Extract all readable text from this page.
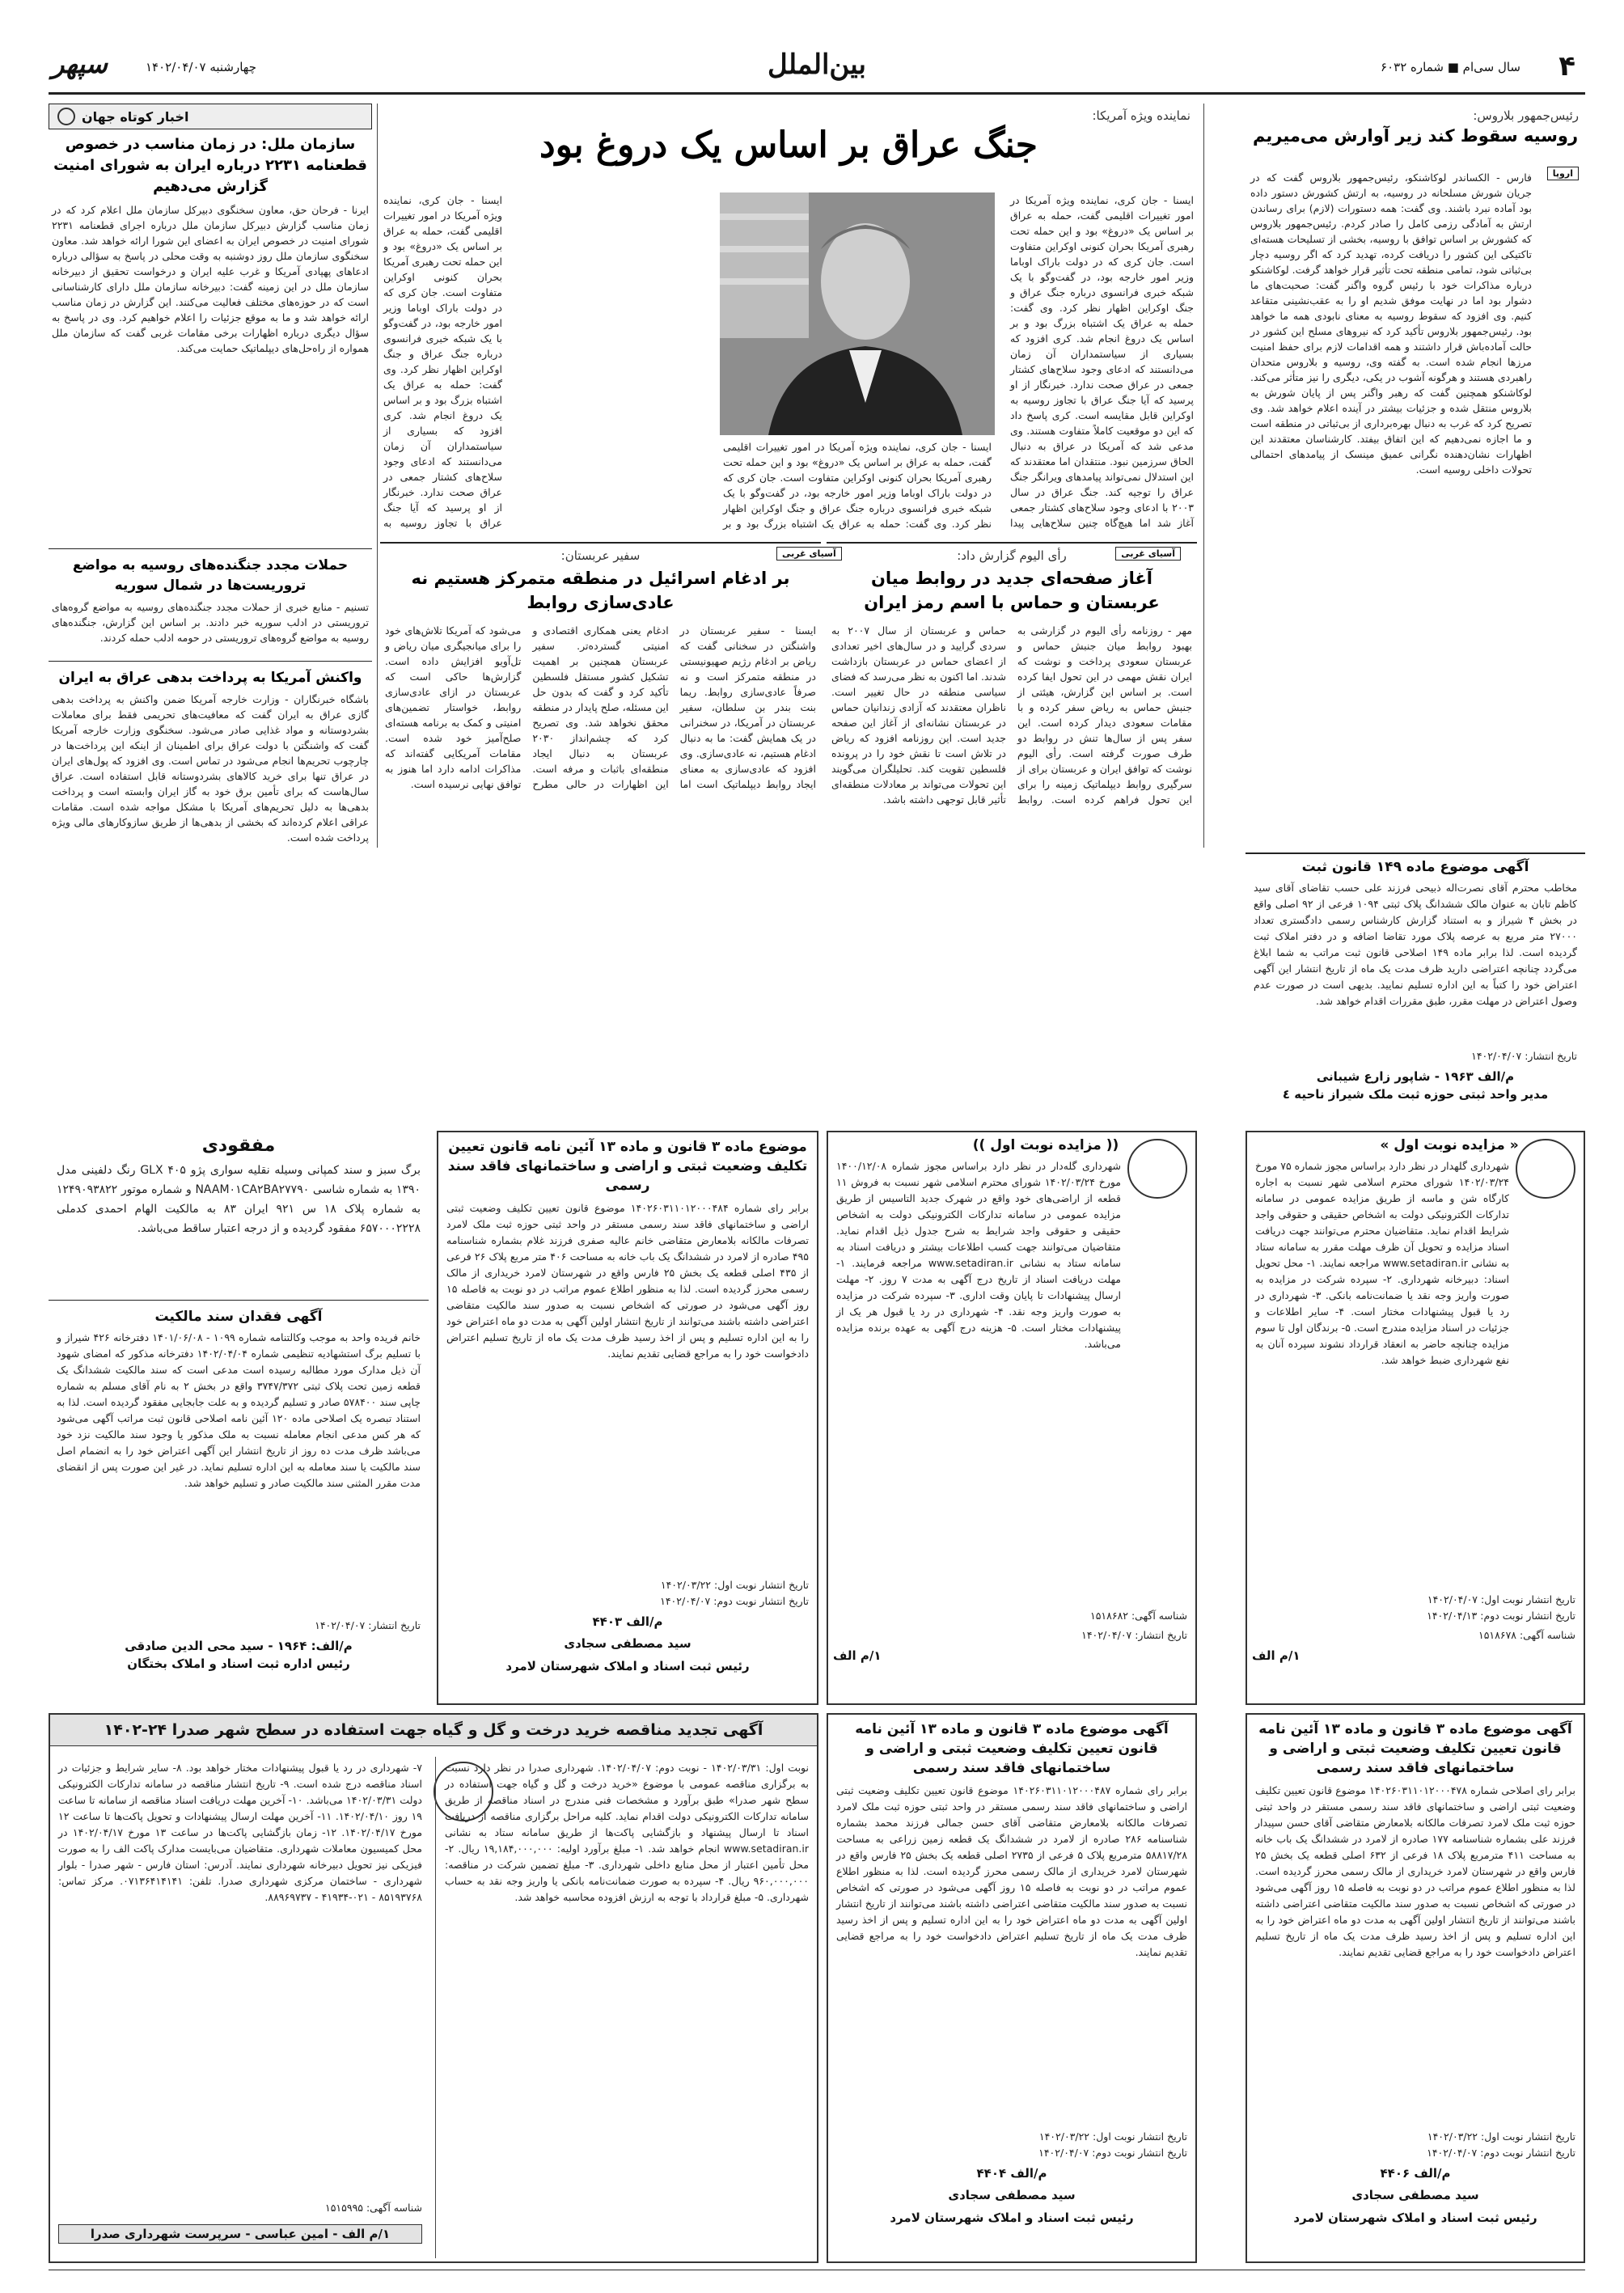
۴
سال سی‌ام ■ شماره ۶۰۳۲
بین‌الملل
چهارشنبه ۱۴۰۲/۰۴/۰۷
سپهر
رئیس‌جمهور بلاروس:
روسیه سقوط کند زیر آوارش می‌میریم
اروپا
فارس - الکساندر لوکاشنکو، رئیس‌جمهور بلاروس گفت که در جریان شورش مسلحانه در روسیه، به ارتش کشورش دستور داده بود آماده نبرد باشند. وی گفت: همه دستورات (لازم) برای رساندن ارتش به آمادگی رزمی کامل را صادر کردم. رئیس‌جمهور بلاروس که کشورش بر اساس توافق با روسیه، بخشی از تسلیحات هسته‌ای تاکتیکی این کشور را دریافت کرده، تهدید کرد که اگر روسیه دچار بی‌ثباتی شود، تمامی منطقه تحت تأثیر قرار خواهد گرفت. لوکاشنکو درباره مذاکرات خود با رئیس گروه واگنر گفت: صحبت‌های ما دشوار بود اما در نهایت موفق شدیم او را به عقب‌نشینی متقاعد کنیم. وی افزود که سقوط روسیه به معنای نابودی همه ما خواهد بود. رئیس‌جمهور بلاروس تأکید کرد که نیروهای مسلح این کشور در حالت آماده‌باش قرار داشتند و همه اقدامات لازم برای حفظ امنیت مرزها انجام شده است. به گفته وی، روسیه و بلاروس متحدان راهبردی هستند و هرگونه آشوب در یکی، دیگری را نیز متأثر می‌کند. لوکاشنکو همچنین گفت که رهبر واگنر پس از پایان شورش به بلاروس منتقل شده و جزئیات بیشتر در آینده اعلام خواهد شد. وی تصریح کرد که غرب به دنبال بهره‌برداری از بی‌ثباتی در منطقه است و ما اجازه نمی‌دهیم که این اتفاق بیفتد. کارشناسان معتقدند این اظهارات نشان‌دهنده نگرانی عمیق مینسک از پیامدهای احتمالی تحولات داخلی روسیه است.
نماینده ویژه آمریکا:
جنگ عراق بر اساس یک دروغ بود
ایسنا - جان کری، نماینده ویژه آمریکا در امور تغییرات اقلیمی گفت، حمله به عراق بر اساس یک «دروغ» بود و این حمله تحت رهبری آمریکا بحران کنونی اوکراین متفاوت است. جان کری که در دولت باراک اوباما وزیر امور خارجه بود، در گفت‌وگو با یک شبکه خبری فرانسوی درباره جنگ عراق و جنگ اوکراین اظهار نظر کرد. وی گفت: حمله به عراق یک اشتباه بزرگ بود و بر اساس یک دروغ انجام شد. کری افزود که بسیاری از سیاستمداران آن زمان می‌دانستند که ادعای وجود سلاح‌های کشتار جمعی در عراق صحت ندارد. خبرنگار از او پرسید که آیا جنگ عراق با تجاوز روسیه به اوکراین قابل مقایسه است. کری پاسخ داد که این دو موقعیت کاملاً متفاوت هستند. وی مدعی شد که آمریکا در عراق به دنبال الحاق سرزمین نبود. منتقدان اما معتقدند که این استدلال نمی‌تواند پیامدهای ویرانگر جنگ عراق را توجیه کند. جنگ عراق در سال ۲۰۰۳ با ادعای وجود سلاح‌های کشتار جمعی آغاز شد اما هیچ‌گاه چنین سلاح‌هایی پیدا
ایسنا - جان کری، نماینده ویژه آمریکا در امور تغییرات اقلیمی گفت، حمله به عراق بر اساس یک «دروغ» بود و این حمله تحت رهبری آمریکا بحران کنونی اوکراین متفاوت است. جان کری که در دولت باراک اوباما وزیر امور خارجه بود، در گفت‌وگو با یک شبکه خبری فرانسوی درباره جنگ عراق و جنگ اوکراین اظهار نظر کرد. وی گفت: حمله به عراق یک اشتباه بزرگ بود و بر
ایسنا - جان کری، نماینده ویژه آمریکا در امور تغییرات اقلیمی گفت، حمله به عراق بر اساس یک «دروغ» بود و این حمله تحت رهبری آمریکا بحران کنونی اوکراین متفاوت است. جان کری که در دولت باراک اوباما وزیر امور خارجه بود، در گفت‌وگو با یک شبکه خبری فرانسوی درباره جنگ عراق و جنگ اوکراین اظهار نظر کرد. وی گفت: حمله به عراق یک اشتباه بزرگ بود و بر اساس یک دروغ انجام شد. کری افزود که بسیاری از سیاستمداران آن زمان می‌دانستند که ادعای وجود سلاح‌های کشتار جمعی در عراق صحت ندارد. خبرنگار از او پرسید که آیا جنگ عراق با تجاوز روسیه به
سفیر عربستان:
بر ادغام اسرائیل در منطقه متمرکز هستیم نه عادی‌سازی روابط
ایسنا - سفیر عربستان در واشنگتن در سخنانی گفت که ریاض بر ادغام رژیم صهیونیستی در منطقه متمرکز است و نه صرفاً عادی‌سازی روابط. ریما بنت بندر بن سلطان، سفیر عربستان در آمریکا، در سخنرانی در یک همایش گفت: ما به دنبال ادغام هستیم، نه عادی‌سازی. وی افزود که عادی‌سازی به معنای ایجاد روابط دیپلماتیک است اما ادغام یعنی همکاری اقتصادی و امنیتی گسترده‌تر. سفیر عربستان همچنین بر اهمیت تشکیل کشور مستقل فلسطین تأکید کرد و گفت که بدون حل این مسئله، صلح پایدار در منطقه محقق نخواهد شد. وی تصریح کرد که چشم‌انداز ۲۰۳۰ عربستان به دنبال ایجاد منطقه‌ای باثبات و مرفه است. این اظهارات در حالی مطرح می‌شود که آمریکا تلاش‌های خود را برای میانجیگری میان ریاض و تل‌آویو افزایش داده است. گزارش‌ها حاکی است که عربستان در ازای عادی‌سازی روابط، خواستار تضمین‌های امنیتی و کمک به برنامه هسته‌ای صلح‌آمیز خود شده است. مقامات آمریکایی گفته‌اند که مذاکرات ادامه دارد اما هنوز به توافق نهایی نرسیده است.
آسیای غربی	رأی الیوم گزارش داد:
آغاز صفحه‌ای جدید در روابط میان عربستان و حماس با اسم رمز ایران
مهر - روزنامه رأی الیوم در گزارشی به بهبود روابط میان جنبش حماس و عربستان سعودی پرداخت و نوشت که ایران نقش مهمی در این تحول ایفا کرده است. بر اساس این گزارش، هیئتی از جنبش حماس به ریاض سفر کرده و با مقامات سعودی دیدار کرده است. این سفر پس از سال‌ها تنش در روابط دو طرف صورت گرفته است. رأی الیوم نوشت که توافق ایران و عربستان برای از سرگیری روابط دیپلماتیک زمینه را برای این تحول فراهم کرده است. روابط حماس و عربستان از سال ۲۰۰۷ به سردی گرایید و در سال‌های اخیر تعدادی از اعضای حماس در عربستان بازداشت شدند. اما اکنون به نظر می‌رسد که فضای سیاسی منطقه در حال تغییر است. ناظران معتقدند که آزادی زندانیان حماس در عربستان نشانه‌ای از آغاز این صفحه جدید است. این روزنامه افزود که ریاض در تلاش است تا نقش خود را در پرونده فلسطین تقویت کند. تحلیلگران می‌گویند این تحولات می‌تواند بر معادلات منطقه‌ای تأثیر قابل توجهی داشته باشد.
آسیای غربی
اخبار کوتاه جهان
سازمان ملل: در زمان مناسب در خصوص قطعنامه ۲۲۳۱ درباره ایران به شورای امنیت گزارش می‌دهیم
ایرنا - فرحان حق، معاون سخنگوی دبیرکل سازمان ملل اعلام کرد که در زمان مناسب گزارش دبیرکل سازمان ملل درباره اجرای قطعنامه ۲۲۳۱ شورای امنیت در خصوص ایران به اعضای این شورا ارائه خواهد شد. معاون سخنگوی سازمان ملل روز دوشنبه به وقت محلی در پاسخ به سؤالی درباره ادعاهای پهپادی آمریکا و غرب علیه ایران و درخواست تحقیق از دبیرخانه سازمان ملل در این زمینه گفت: دبیرخانه سازمان ملل دارای کارشناسانی است که در حوزه‌های مختلف فعالیت می‌کنند. این گزارش در زمان مناسب ارائه خواهد شد و ما به موقع جزئیات را اعلام خواهیم کرد. وی در پاسخ به سؤال دیگری درباره اظهارات برخی مقامات غربی گفت که سازمان ملل همواره از راه‌حل‌های دیپلماتیک حمایت می‌کند.
حملات مجدد جنگنده‌های روسیه به مواضع تروریست‌ها در شمال سوریه
تسنیم - منابع خبری از حملات مجدد جنگنده‌های روسیه به مواضع گروه‌های تروریستی در ادلب سوریه خبر دادند. بر اساس این گزارش، جنگنده‌های روسیه به مواضع گروه‌های تروریستی در حومه ادلب حمله کردند.
واکنش آمریکا به پرداخت بدهی عراق به ایران
باشگاه خبرنگاران - وزارت خارجه آمریکا ضمن واکنش به پرداخت بدهی گازی عراق به ایران گفت که معافیت‌های تحریمی فقط برای معاملات بشردوستانه و مواد غذایی صادر می‌شود. سخنگوی وزارت خارجه آمریکا گفت که واشنگتن با دولت عراق برای اطمینان از اینکه این پرداخت‌ها در چارچوب تحریم‌ها انجام می‌شود در تماس است. وی افزود که پول‌های ایران در عراق تنها برای خرید کالاهای بشردوستانه قابل استفاده است. عراق سال‌هاست که برای تأمین برق خود به گاز ایران وابسته است و پرداخت بدهی‌ها به دلیل تحریم‌های آمریکا با مشکل مواجه شده است. مقامات عراقی اعلام کرده‌اند که بخشی از بدهی‌ها از طریق سازوکارهای مالی ویژه پرداخت شده است.
آگهی موضوع ماده ۱۴۹ قانون ثبت
مخاطب محترم آقای نصرت‌اله ذبیحی فرزند علی حسب تقاضای آقای سید کاظم تابان به عنوان مالک ششدانگ پلاک ثبتی ۱۰۹۴ فرعی از ۹۲ اصلی واقع در بخش ۴ شیراز و به استناد گزارش کارشناس رسمی دادگستری تعداد ۲۷۰۰۰ متر مربع به عرصه پلاک مورد تقاضا اضافه و در دفتر املاک ثبت گردیده است. لذا برابر ماده ۱۴۹ اصلاحی قانون ثبت مراتب به شما ابلاغ می‌گردد چنانچه اعتراضی دارید ظرف مدت یک ماه از تاریخ انتشار این آگهی اعتراض خود را کتباً به این اداره تسلیم نمایید. بدیهی است در صورت عدم وصول اعتراض در مهلت مقرر، طبق مقررات اقدام خواهد شد.
تاریخ انتشار: ۱۴۰۲/۰۴/۰۷
م/الف ۱۹۶۳ - شاپور زارع شیبانی
مدیر واحد ثبتی حوزه ثبت ملک شیراز ناحیه ٤
« مزایده نوبت اول »
شهرداری گلهدار در نظر دارد براساس مجوز شماره ۷۵ مورخ ۱۴۰۲/۰۳/۲۴ شورای محترم اسلامی شهر نسبت به اجاره کارگاه شن و ماسه از طریق مزایده عمومی در سامانه تدارکات الکترونیکی دولت به اشخاص حقیقی و حقوقی واجد شرایط اقدام نماید. متقاضیان محترم می‌توانند جهت دریافت اسناد مزایده و تحویل آن ظرف مهلت مقرر به سامانه ستاد به نشانی www.setadiran.ir مراجعه نمایند. ۱- محل تحویل اسناد: دبیرخانه شهرداری. ۲- سپرده شرکت در مزایده به صورت واریز وجه نقد یا ضمانت‌نامه بانکی. ۳- شهرداری در رد یا قبول پیشنهادات مختار است. ۴- سایر اطلاعات و جزئیات در اسناد مزایده مندرج است. ۵- برندگان اول تا سوم مزایده چنانچه حاضر به انعقاد قرارداد نشوند سپرده آنان به نفع شهرداری ضبط خواهد شد.
تاریخ انتشار نوبت اول: ۱۴۰۲/۰۴/۰۷
تاریخ انتشار نوبت دوم: ۱۴۰۲/۰۴/۱۳
شناسه آگهی: ۱۵۱۸۶۷۸
۱/م الف
(( مزایده نوبت اول ))
شهرداری گله‌دار در نظر دارد براساس مجوز شماره ۱۴۰۰/۱۲/۰۸ مورخ ۱۴۰۲/۰۳/۲۴ شورای محترم اسلامی شهر نسبت به فروش ۱۱ قطعه از اراضی‌های خود واقع در شهرک جدید التاسیس از طریق مزایده عمومی در سامانه تدارکات الکترونیکی دولت به اشخاص حقیقی و حقوقی واجد شرایط به شرح جدول ذیل اقدام نماید. متقاضیان می‌توانند جهت کسب اطلاعات بیشتر و دریافت اسناد به سامانه ستاد به نشانی www.setadiran.ir مراجعه فرمایند. ۱- مهلت دریافت اسناد از تاریخ درج آگهی به مدت ۷ روز. ۲- مهلت ارسال پیشنهادات تا پایان وقت اداری. ۳- سپرده شرکت در مزایده به صورت واریز وجه نقد. ۴- شهرداری در رد یا قبول هر یک از پیشنهادات مختار است. ۵- هزینه درج آگهی به عهده برنده مزایده می‌باشد.
شناسه آگهی: ۱۵۱۸۶۸۲
تاریخ انتشار: ۱۴۰۲/۰۴/۰۷
۱/م الف
موضوع ماده ۳ قانون و ماده ۱۳ آئین نامه قانون تعیین تکلیف وضعیت ثبتی و اراضی و ساختمانهای فاقد سند رسمی
برابر رای شماره ۱۴۰۲۶۰۳۱۱۰۱۲۰۰۰۴۸۴ موضوع قانون تعیین تکلیف وضعیت ثبتی اراضی و ساختمانهای فاقد سند رسمی مستقر در واحد ثبتی حوزه ثبت ملک لامرد تصرفات مالکانه بلامعارض متقاضی خانم عالیه صفری فرزند غلام بشماره شناسنامه ۴۹۵ صادره از لامرد در ششدانگ یک باب خانه به مساحت ۴۰۶ متر مربع پلاک ۲۶ فرعی از ۴۳۵ اصلی قطعه یک بخش ۲۵ فارس واقع در شهرستان لامرد خریداری از مالک رسمی محرز گردیده است. لذا به منظور اطلاع عموم مراتب در دو نوبت به فاصله ۱۵ روز آگهی می‌شود در صورتی که اشخاص نسبت به صدور سند مالکیت متقاضی اعتراضی داشته باشند می‌توانند از تاریخ انتشار اولین آگهی به مدت دو ماه اعتراض خود را به این اداره تسلیم و پس از اخذ رسید ظرف مدت یک ماه از تاریخ تسلیم اعتراض دادخواست خود را به مراجع قضایی تقدیم نمایند.
تاریخ انتشار نوبت اول: ۱۴۰۲/۰۳/۲۲
تاریخ انتشار نوبت دوم: ۱۴۰۲/۰۴/۰۷
م/الف ۴۴۰۳
سید مصطفی سجادی
رئیس ثبت اسناد و املاک شهرستان لامرد
مفقودی
برگ سبز و سند کمپانی وسیله نقلیه سواری پژو ۴۰۵ GLX رنگ دلفینی مدل ۱۳۹۰ به شماره شاسی NAAM۰۱CA۲BA۲۷۷۹۰ و شماره موتور ۱۲۴۹۰۹۳۸۲۲ به شماره پلاک ۱۸ س ۹۲۱ ایران ۸۳ به مالکیت الهام احمدی کدملی ۶۵۷۰۰۰۲۲۲۸ مفقود گردیده و از درجه اعتبار ساقط می‌باشد.
آگهی فقدان سند مالکیت
خانم فریده واحد به موجب وکالتنامه شماره ۱۰۹۹ - ۱۴۰۱/۰۶/۰۸ دفترخانه ۴۲۶ شیراز و با تسلیم برگ استشهادیه تنظیمی شماره ۱۴۰۲/۰۴/۰۴ دفترخانه مذکور که امضای شهود آن ذیل مدارک مورد مطالبه رسیده است مدعی است که سند مالکیت ششدانگ یک قطعه زمین تحت پلاک ثبتی ۳۷۴۷/۳۷۲ واقع در بخش ۲ به نام آقای مسلم به شماره چاپی سند ۵۷۸۴۰۰ صادر و تسلیم گردیده و به علت جابجایی مفقود گردیده است. لذا به استناد تبصره یک اصلاحی ماده ۱۲۰ آئین نامه اصلاحی قانون ثبت مراتب آگهی می‌شود که هر کس مدعی انجام معامله نسبت به ملک مذکور یا وجود سند مالکیت نزد خود می‌باشد ظرف مدت ده روز از تاریخ انتشار این آگهی اعتراض خود را به انضمام اصل سند مالکیت یا سند معامله به این اداره تسلیم نماید. در غیر این صورت پس از انقضای مدت مقرر المثنی سند مالکیت صادر و تسلیم خواهد شد.
تاریخ انتشار: ۱۴۰۲/۰۴/۰۷
م/الف: ۱۹۶۴ - سید محی الدین صادقی
رئیس اداره ثبت اسناد و املاک بختگان
آگهی موضوع ماده ۳ قانون و ماده ۱۳ آئین نامه قانون تعیین تکلیف وضعیت ثبتی و اراضی و ساختمانهای فاقد سند رسمی
برابر رای اصلاحی شماره ۱۴۰۲۶۰۳۱۱۰۱۲۰۰۰۴۷۸ موضوع قانون تعیین تکلیف وضعیت ثبتی اراضی و ساختمانهای فاقد سند رسمی مستقر در واحد ثبتی حوزه ثبت ملک لامرد تصرفات مالکانه بلامعارض متقاضی آقای حسن سپیدار فرزند علی بشماره شناسنامه ۱۷۷ صادره از لامرد در ششدانگ یک باب خانه به مساحت ۴۱۱ مترمربع پلاک ۱۸ فرعی از ۶۳۲ اصلی قطعه یک بخش ۲۵ فارس واقع در شهرستان لامرد خریداری از مالک رسمی محرز گردیده است. لذا به منظور اطلاع عموم مراتب در دو نوبت به فاصله ۱۵ روز آگهی می‌شود در صورتی که اشخاص نسبت به صدور سند مالکیت متقاضی اعتراضی داشته باشند می‌توانند از تاریخ انتشار اولین آگهی به مدت دو ماه اعتراض خود را به این اداره تسلیم و پس از اخذ رسید ظرف مدت یک ماه از تاریخ تسلیم اعتراض دادخواست خود را به مراجع قضایی تقدیم نمایند.
تاریخ انتشار نوبت اول: ۱۴۰۲/۰۳/۲۲
تاریخ انتشار نوبت دوم: ۱۴۰۲/۰۴/۰۷
م/الف ۴۴۰۶
سید مصطفی سجادی
رئیس ثبت اسناد و املاک شهرستان لامرد
آگهی موضوع ماده ۳ قانون و ماده ۱۳ آئین نامه قانون تعیین تکلیف وضعیت ثبتی و اراضی و ساختمانهای فاقد سند رسمی
برابر رای شماره ۱۴۰۲۶۰۳۱۱۰۱۲۰۰۰۴۸۷ موضوع قانون تعیین تکلیف وضعیت ثبتی اراضی و ساختمانهای فاقد سند رسمی مستقر در واحد ثبتی حوزه ثبت ملک لامرد تصرفات مالکانه بلامعارض متقاضی آقای حسن جمالی فرزند محمد بشماره شناسنامه ۲۸۶ صادره از لامرد در ششدانگ یک قطعه زمین زراعی به مساحت ۵۸۸۱۷/۲۸ مترمربع پلاک ۵ فرعی از ۲۷۳۵ اصلی قطعه یک بخش ۲۵ فارس واقع در شهرستان لامرد خریداری از مالک رسمی محرز گردیده است. لذا به منظور اطلاع عموم مراتب در دو نوبت به فاصله ۱۵ روز آگهی می‌شود در صورتی که اشخاص نسبت به صدور سند مالکیت متقاضی اعتراضی داشته باشند می‌توانند از تاریخ انتشار اولین آگهی به مدت دو ماه اعتراض خود را به این اداره تسلیم و پس از اخذ رسید ظرف مدت یک ماه از تاریخ تسلیم اعتراض دادخواست خود را به مراجع قضایی تقدیم نمایند.
تاریخ انتشار نوبت اول: ۱۴۰۲/۰۳/۲۲
تاریخ انتشار نوبت دوم: ۱۴۰۲/۰۴/۰۷
م/الف ۴۴۰۴
سید مصطفی سجادی
رئیس ثبت اسناد و املاک شهرستان لامرد
آگهی تجدید مناقصه خرید درخت و گل و گیاه جهت استفاده در سطح شهر صدرا ۲۴-۱۴۰۲
نوبت اول: ۱۴۰۲/۰۳/۳۱ - نوبت دوم: ۱۴۰۲/۰۴/۰۷. شهرداری صدرا در نظر دارد نسبت به برگزاری مناقصه عمومی با موضوع «خرید درخت و گل و گیاه جهت استفاده در سطح شهر صدرا» طبق برآورد و مشخصات فنی مندرج در اسناد مناقصه از طریق سامانه تدارکات الکترونیکی دولت اقدام نماید. کلیه مراحل برگزاری مناقصه از دریافت اسناد تا ارسال پیشنهاد و بازگشایی پاکت‌ها از طریق سامانه ستاد به نشانی www.setadiran.ir انجام خواهد شد. ۱- مبلغ برآورد اولیه: ۱۹,۱۸۴,۰۰۰,۰۰۰ ریال. ۲- محل تأمین اعتبار از محل منابع داخلی شهرداری. ۳- مبلغ تضمین شرکت در مناقصه: ۹۶۰,۰۰۰,۰۰۰ ریال. ۴- سپرده به صورت ضمانت‌نامه بانکی یا واریز وجه نقد به حساب شهرداری. ۵- مبلغ قرارداد با توجه به ارزش افزوده محاسبه خواهد شد.
۷- شهرداری در رد یا قبول پیشنهادات مختار خواهد بود. ۸- سایر شرایط و جزئیات در اسناد مناقصه درج شده است. ۹- تاریخ انتشار مناقصه در سامانه تدارکات الکترونیکی دولت ۱۴۰۲/۰۳/۳۱ می‌باشد. ۱۰- آخرین مهلت دریافت اسناد مناقصه از سامانه تا ساعت ۱۹ روز ۱۴۰۲/۰۴/۱۰. ۱۱- آخرین مهلت ارسال پیشنهادات و تحویل پاکت‌ها تا ساعت ۱۲ مورخ ۱۴۰۲/۰۴/۱۷. ۱۲- زمان بازگشایی پاکت‌ها در ساعت ۱۳ مورخ ۱۴۰۲/۰۴/۱۷ در محل کمیسیون معاملات شهرداری. متقاضیان می‌بایست مدارک پاکت الف را به صورت فیزیکی نیز تحویل دبیرخانه شهرداری نمایند. آدرس: استان فارس - شهر صدرا - بلوار شهرداری - ساختمان مرکزی شهرداری صدرا. تلفن: ۰۷۱۳۶۴۱۴۱۴۱. مرکز تماس: ۸۵۱۹۳۷۶۸ - ۰۲۱-۴۱۹۳۴ - ۸۸۹۶۹۷۳۷.
شناسه آگهی: ۱۵۱۵۹۹۵
۱/م الف - امین عباسی - سرپرست شهرداری صدرا
